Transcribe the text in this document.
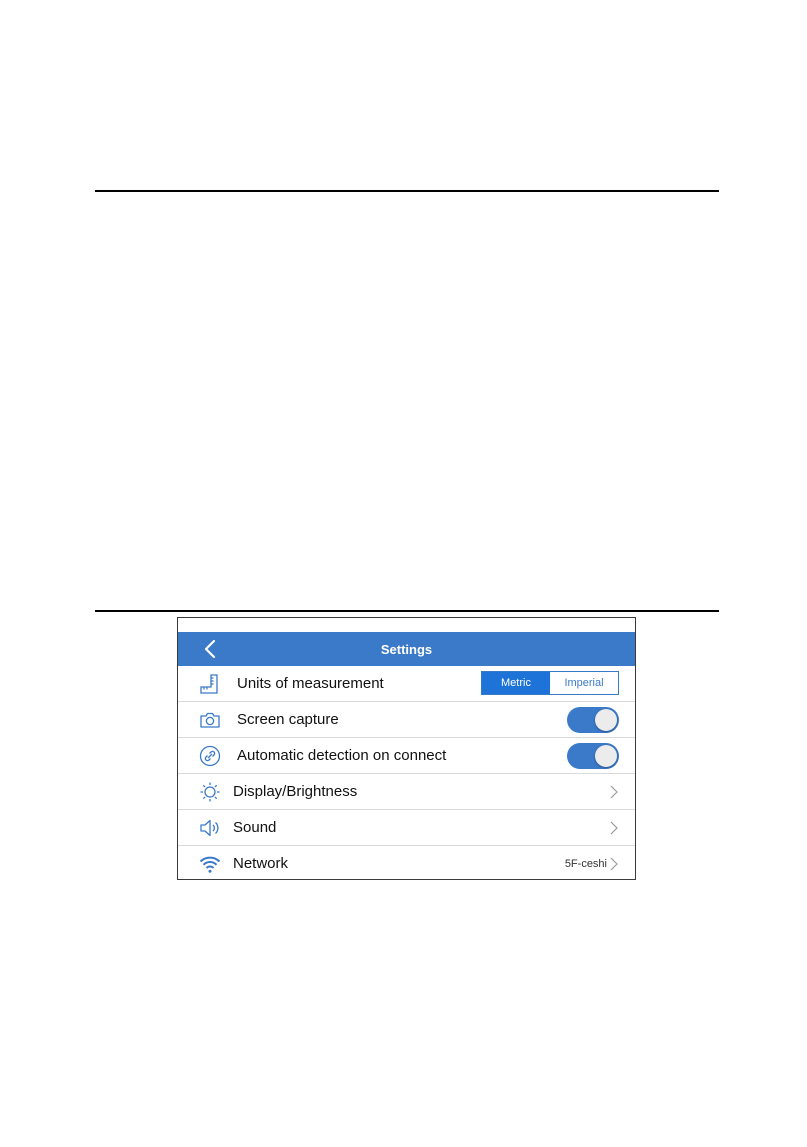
Settings
Units of measurement	Metric	Imperial
Screen capture
Automatic detection on connect
Display/Brightness
Sound
Network	5F-ceshi
